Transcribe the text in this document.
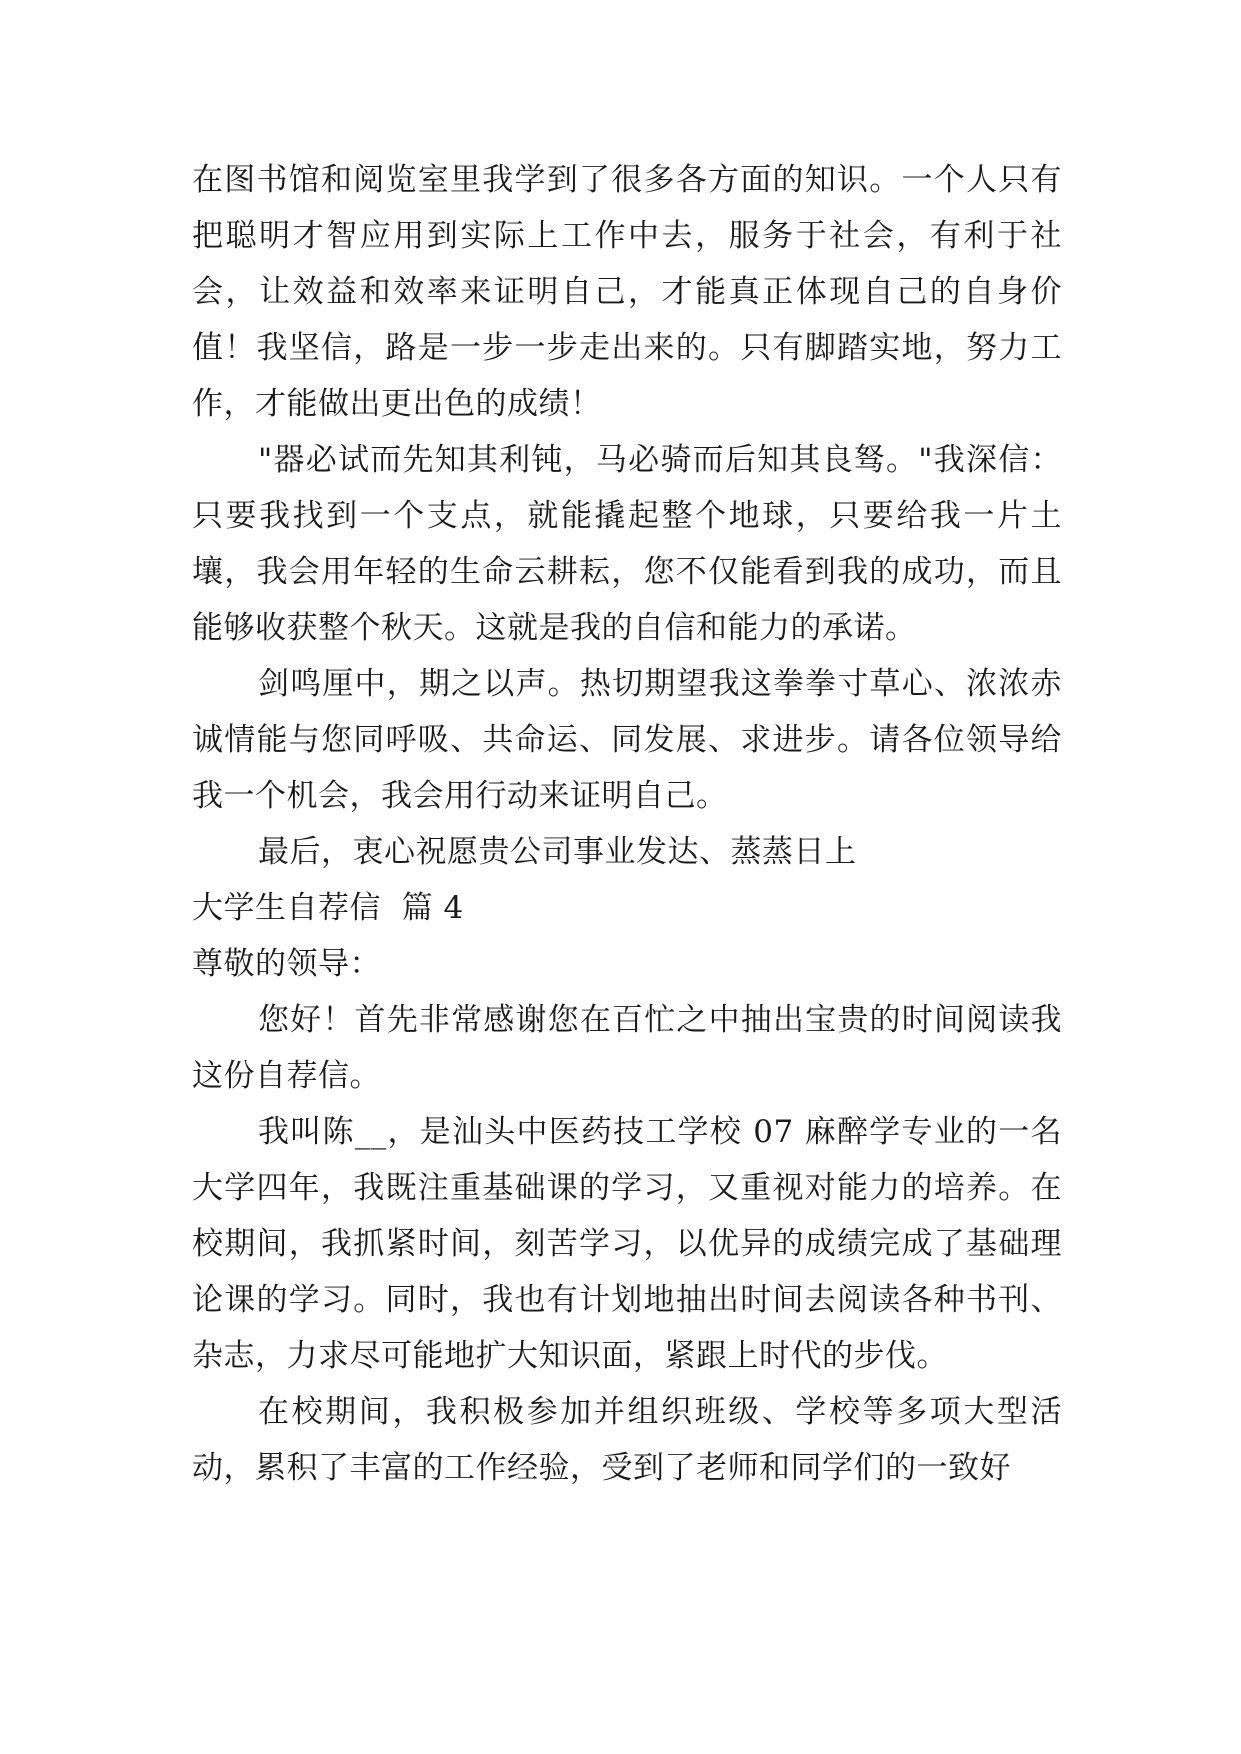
在图书馆和阅览室里我学到了很多各方面的知识。一个人只有把聪明才智应用到实际上工作中去，服务于社会，有利于社会，让效益和效率来证明自己，才能真正体现自己的自身价值！我坚信，路是一步一步走出来的。只有脚踏实地，努力工作，才能做出更出色的成绩！

"器必试而先知其利钝，马必骑而后知其良驽。"我深信：只要我找到一个支点，就能撬起整个地球，只要给我一片土壤，我会用年轻的生命云耕耘，您不仅能看到我的成功，而且能够收获整个秋天。这就是我的自信和能力的承诺。

剑鸣厘中，期之以声。热切期望我这拳拳寸草心、浓浓赤诚情能与您同呼吸、共命运、同发展、求进步。请各位领导给我一个机会，我会用行动来证明自己。

最后，衷心祝愿贵公司事业发达、蒸蒸日上

大学生自荐信  篇 4

尊敬的领导：

您好！首先非常感谢您在百忙之中抽出宝贵的时间阅读我这份自荐信。

我叫陈__，是汕头中医药技工学校 07 麻醉学专业的一名大学四年，我既注重基础课的学习，又重视对能力的培养。在校期间，我抓紧时间，刻苦学习，以优异的成绩完成了基础理论课的学习。同时，我也有计划地抽出时间去阅读各种书刊、杂志，力求尽可能地扩大知识面，紧跟上时代的步伐。

在校期间，我积极参加并组织班级、学校等多项大型活动，累积了丰富的工作经验，受到了老师和同学们的一致好
